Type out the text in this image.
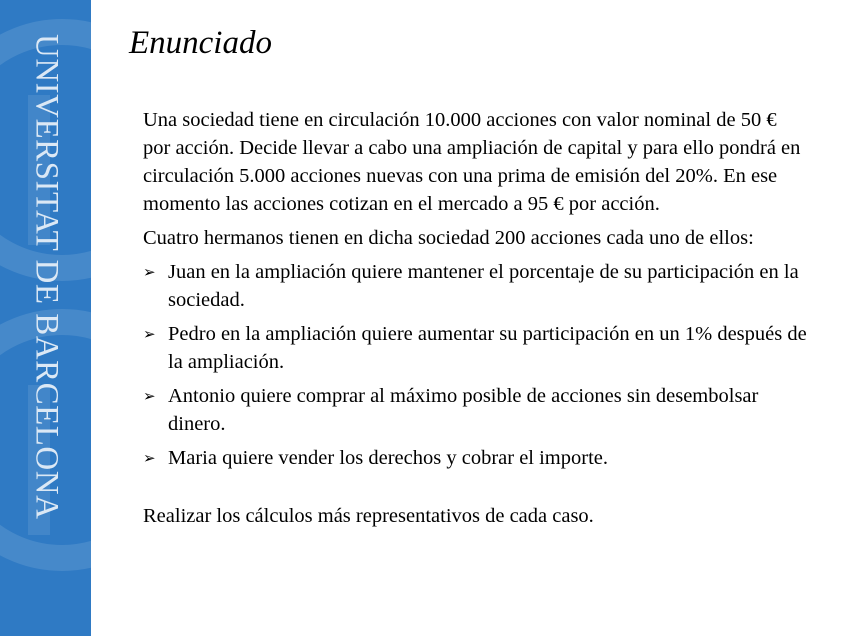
UNIVERSITAT DE BARCELONA Enunciado

Una sociedad tiene en circulación 10.000 acciones con valor nominal de 50 € por acción. Decide llevar a cabo una ampliación de capital y para ello pondrá en circulación 5.000 acciones nuevas con una prima de emisión del 20%. En ese momento las acciones cotizan en el mercado a 95 € por acción.

Cuatro hermanos tienen en dicha sociedad 200 acciones cada uno de ellos:

➢ Juan en la ampliación quiere mantener el porcentaje de su participación en la sociedad.
➢ Pedro en la ampliación quiere aumentar su participación en un 1% después de la ampliación.
➢ Antonio quiere comprar al máximo posible de acciones sin desembolsar dinero.
➢ Maria quiere vender los derechos y cobrar el importe.

Realizar los cálculos más representativos de cada caso.
